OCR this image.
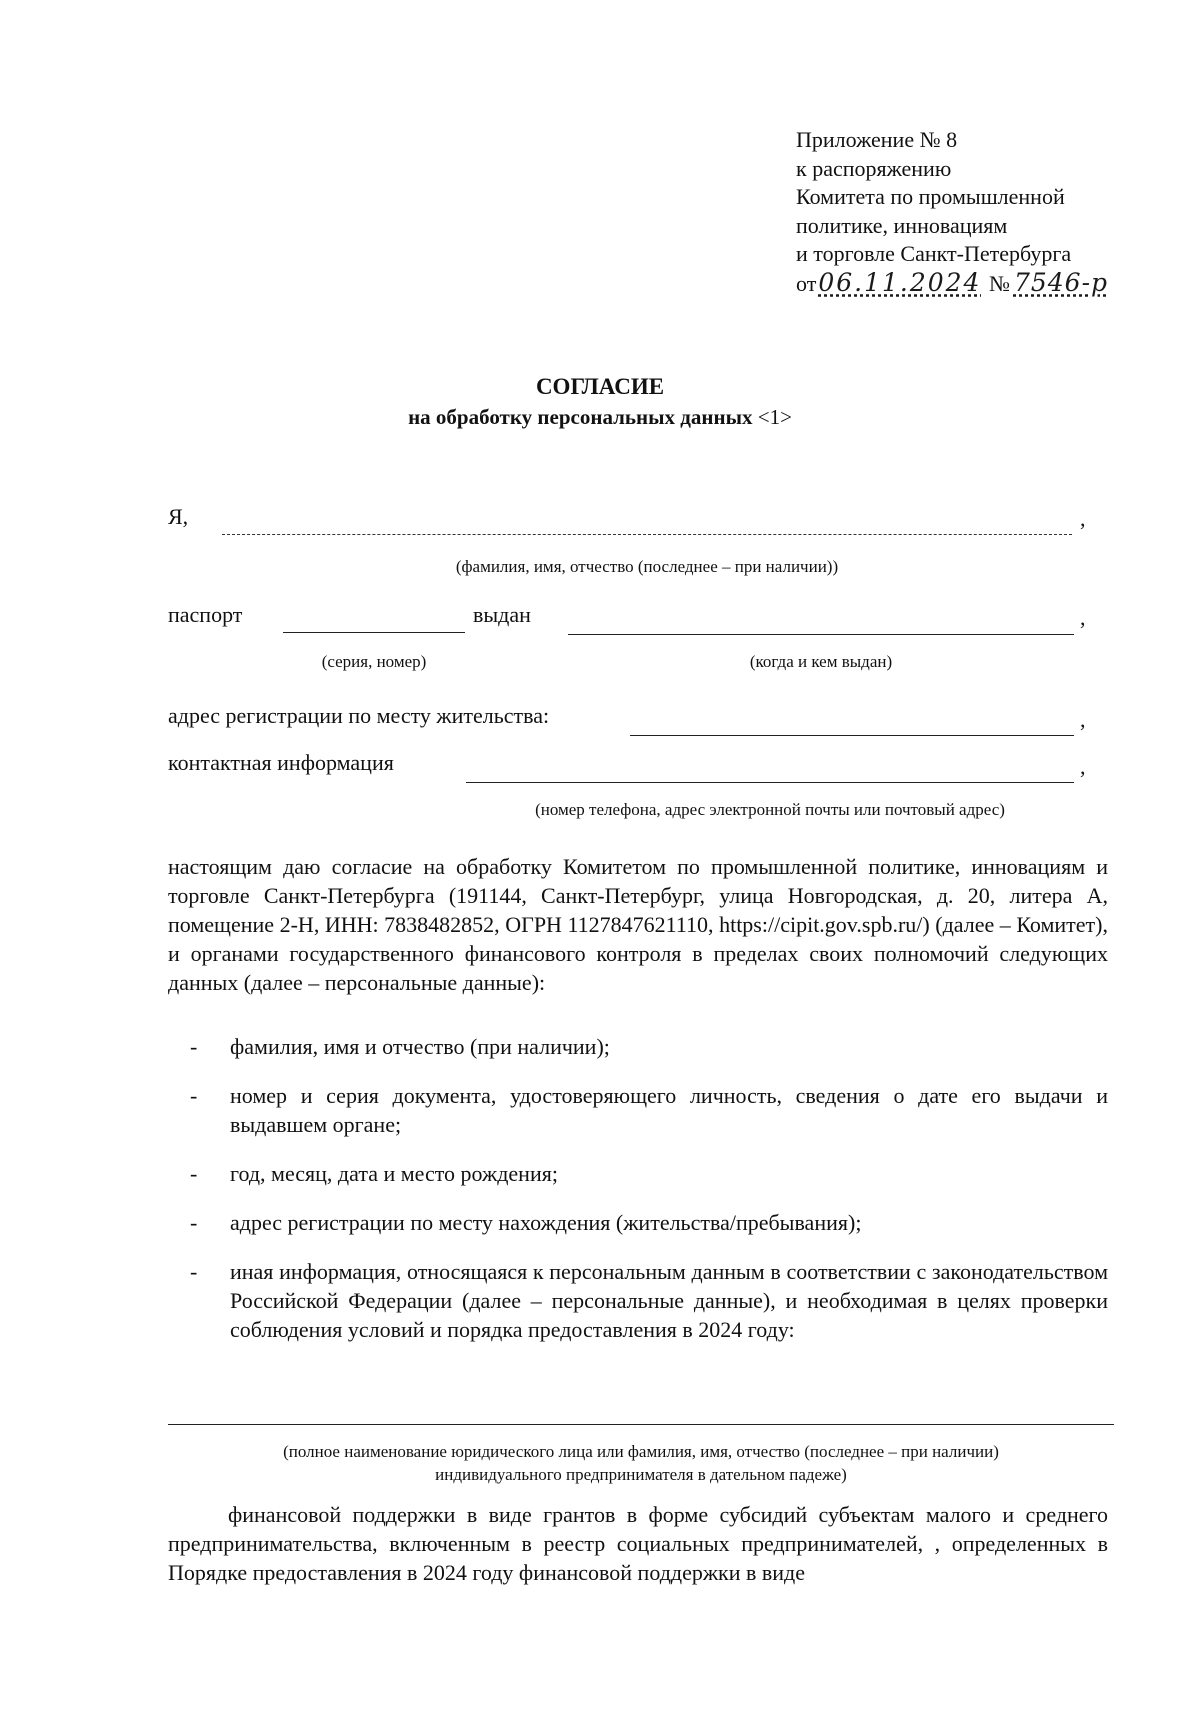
Приложение № 8
к распоряжению
Комитета по промышленной
политике, инновациям
и торговле Санкт-Петербурга
от06.11.2024 № 7546-р
СОГЛАСИЕ
на обработку персональных данных <1>
Я,	,
(фамилия, имя, отчество (последнее – при наличии))
паспорт	выдан	,
(серия, номер)	(когда и кем выдан)
адрес регистрации по месту жительства:	,
контактная информация	,
(номер телефона, адрес электронной почты или почтовый адрес)
настоящим даю согласие на обработку Комитетом по промышленной политике, инновациям и торговле Санкт-Петербурга (191144, Санкт-Петербург, улица Новгородская, д. 20, литера А, помещение 2-Н, ИНН: 7838482852, ОГРН 1127847621110, https://cipit.gov.spb.ru/) (далее – Комитет), и органами государственного финансового контроля в пределах своих полномочий следующих данных (далее – персональные данные):
- фамилия, имя и отчество (при наличии);
- номер и серия документа, удостоверяющего личность, сведения о дате его выдачи и выдавшем органе;
- год, месяц, дата и место рождения;
- адрес регистрации по месту нахождения (жительства/пребывания);
- иная информация, относящаяся к персональным данным в соответствии с законодательством Российской Федерации (далее – персональные данные), и необходимая в целях проверки соблюдения условий и порядка предоставления в 2024 году:
(полное наименование юридического лица или фамилия, имя, отчество (последнее – при наличии)
индивидуального предпринимателя в дательном падеже)
финансовой поддержки в виде грантов в форме субсидий субъектам малого и среднего предпринимательства, включенным в реестр социальных предпринимателей, , определенных в Порядке предоставления в 2024 году финансовой поддержки в виде
